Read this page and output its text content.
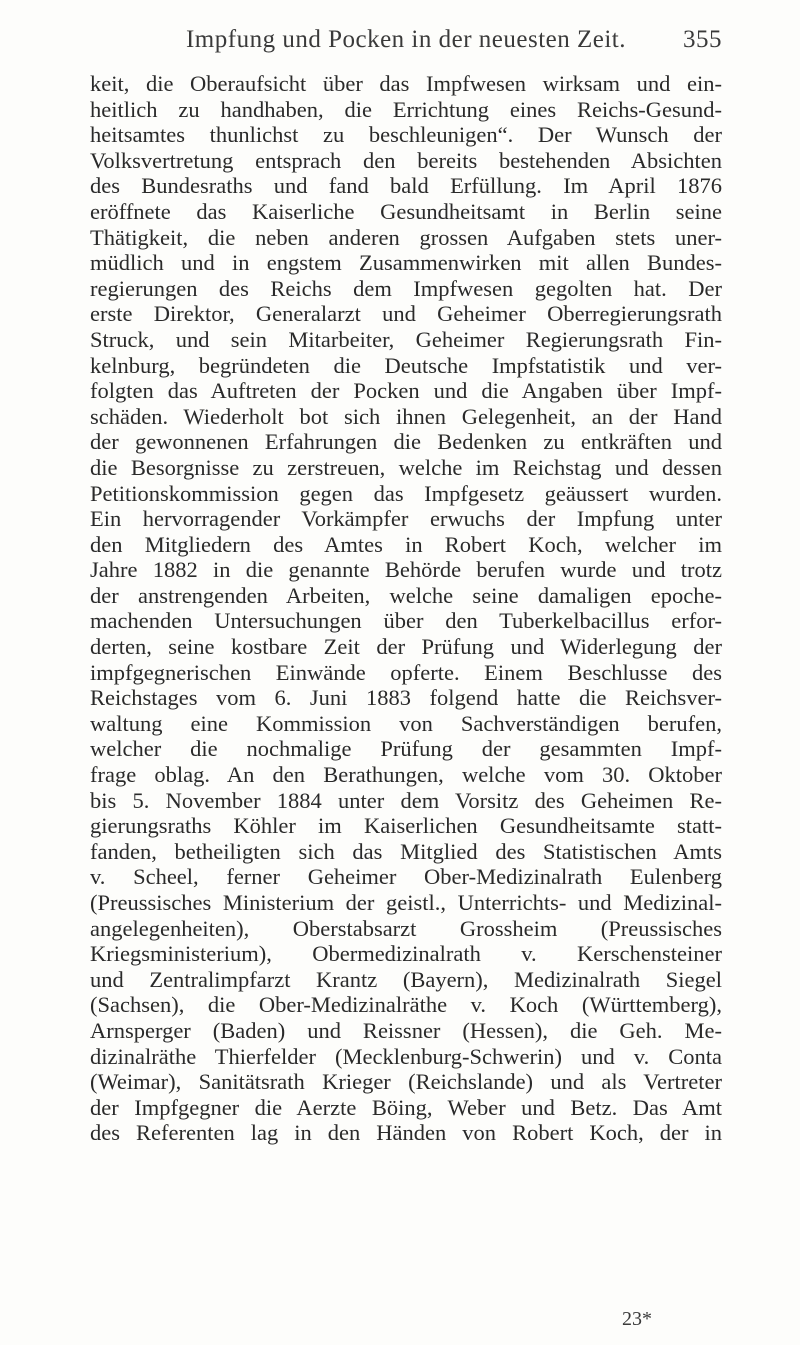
Impfung und Pocken in der neuesten Zeit.	355
keit, die Oberaufsicht über das Impfwesen wirksam und ein-
heitlich zu handhaben, die Errichtung eines Reichs-Gesund-
heitsamtes thunlichst zu beschleunigen“. Der Wunsch der
Volksvertretung entsprach den bereits bestehenden Absichten
des Bundesraths und fand bald Erfüllung. Im April 1876
eröffnete das Kaiserliche Gesundheitsamt in Berlin seine
Thätigkeit, die neben anderen grossen Aufgaben stets uner-
müdlich und in engstem Zusammenwirken mit allen Bundes-
regierungen des Reichs dem Impfwesen gegolten hat. Der
erste Direktor, Generalarzt und Geheimer Oberregierungsrath
Struck, und sein Mitarbeiter, Geheimer Regierungsrath Fin-
kelnburg, begründeten die Deutsche Impfstatistik und ver-
folgten das Auftreten der Pocken und die Angaben über Impf-
schäden. Wiederholt bot sich ihnen Gelegenheit, an der Hand
der gewonnenen Erfahrungen die Bedenken zu entkräften und
die Besorgnisse zu zerstreuen, welche im Reichstag und dessen
Petitionskommission gegen das Impfgesetz geäussert wurden.
Ein hervorragender Vorkämpfer erwuchs der Impfung unter
den Mitgliedern des Amtes in Robert Koch, welcher im
Jahre 1882 in die genannte Behörde berufen wurde und trotz
der anstrengenden Arbeiten, welche seine damaligen epoche-
machenden Untersuchungen über den Tuberkelbacillus erfor-
derten, seine kostbare Zeit der Prüfung und Widerlegung der
impfgegnerischen Einwände opferte. Einem Beschlusse des
Reichstages vom 6. Juni 1883 folgend hatte die Reichsver-
waltung eine Kommission von Sachverständigen berufen,
welcher die nochmalige Prüfung der gesammten Impf-
frage oblag. An den Berathungen, welche vom 30. Oktober
bis 5. November 1884 unter dem Vorsitz des Geheimen Re-
gierungsraths Köhler im Kaiserlichen Gesundheitsamte statt-
fanden, betheiligten sich das Mitglied des Statistischen Amts
v. Scheel, ferner Geheimer Ober-Medizinalrath Eulenberg
(Preussisches Ministerium der geistl., Unterrichts- und Medizinal-
angelegenheiten), Oberstabsarzt Grossheim (Preussisches
Kriegsministerium), Obermedizinalrath v. Kerschensteiner
und Zentralimpfarzt Krantz (Bayern), Medizinalrath Siegel
(Sachsen), die Ober-Medizinalräthe v. Koch (Württemberg),
Arnsperger (Baden) und Reissner (Hessen), die Geh. Me-
dizinalräthe Thierfelder (Mecklenburg-Schwerin) und v. Conta
(Weimar), Sanitätsrath Krieger (Reichslande) und als Vertreter
der Impfgegner die Aerzte Böing, Weber und Betz. Das Amt
des Referenten lag in den Händen von Robert Koch, der in
23*
